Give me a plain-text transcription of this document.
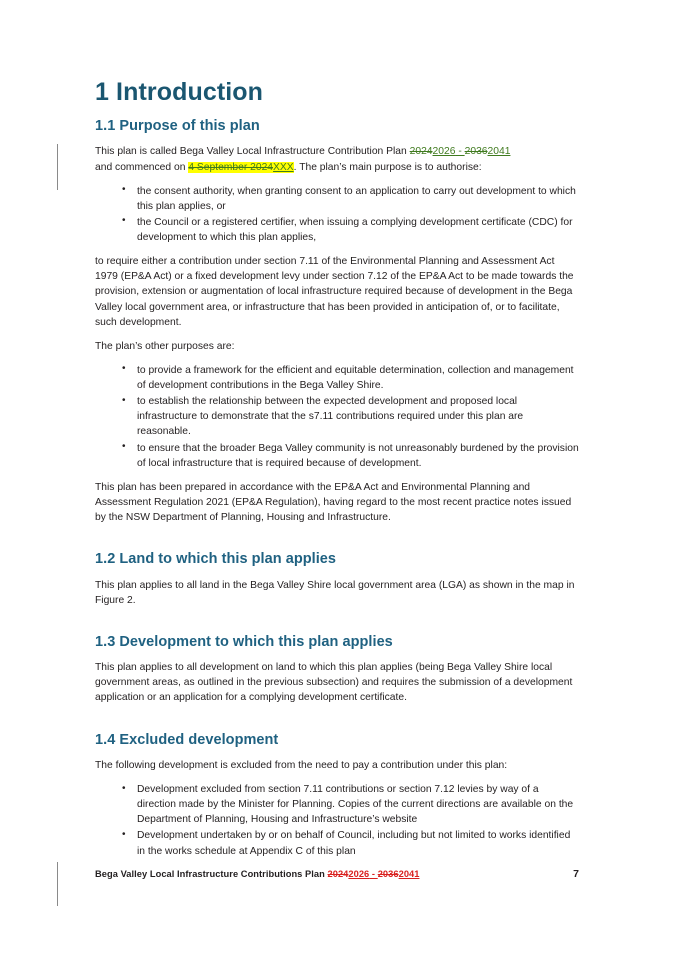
1 Introduction
1.1 Purpose of this plan

This plan is called Bega Valley Local Infrastructure Contribution Plan 20242026 - 20362041
and commenced on 4 September 2024XXX. The plan’s main purpose is to authorise:

• the consent authority, when granting consent to an application to carry out development to which this plan applies, or
• the Council or a registered certifier, when issuing a complying development certificate (CDC) for development to which this plan applies,

to require either a contribution under section 7.11 of the Environmental Planning and Assessment Act 1979 (EP&A Act) or a fixed development levy under section 7.12 of the EP&A Act to be made towards the provision, extension or augmentation of local infrastructure required because of development in the Bega Valley local government area, or infrastructure that has been provided in anticipation of, or to facilitate, such development.

The plan’s other purposes are:

• to provide a framework for the efficient and equitable determination, collection and management of development contributions in the Bega Valley Shire.
• to establish the relationship between the expected development and proposed local infrastructure to demonstrate that the s7.11 contributions required under this plan are reasonable.
• to ensure that the broader Bega Valley community is not unreasonably burdened by the provision of local infrastructure that is required because of development.

This plan has been prepared in accordance with the EP&A Act and Environmental Planning and Assessment Regulation 2021 (EP&A Regulation), having regard to the most recent practice notes issued by the NSW Department of Planning, Housing and Infrastructure.

1.2 Land to which this plan applies

This plan applies to all land in the Bega Valley Shire local government area (LGA) as shown in the map in Figure 2.

1.3 Development to which this plan applies

This plan applies to all development on land to which this plan applies (being Bega Valley Shire local government areas, as outlined in the previous subsection) and requires the submission of a development application or an application for a complying development certificate.

1.4 Excluded development

The following development is excluded from the need to pay a contribution under this plan:

• Development excluded from section 7.11 contributions or section 7.12 levies by way of a direction made by the Minister for Planning. Copies of the current directions are available on the Department of Planning, Housing and Infrastructure’s website
• Development undertaken by or on behalf of Council, including but not limited to works identified in the works schedule at Appendix C of this plan
Bega Valley Local Infrastructure Contributions Plan 20242026 - 20362041	7
